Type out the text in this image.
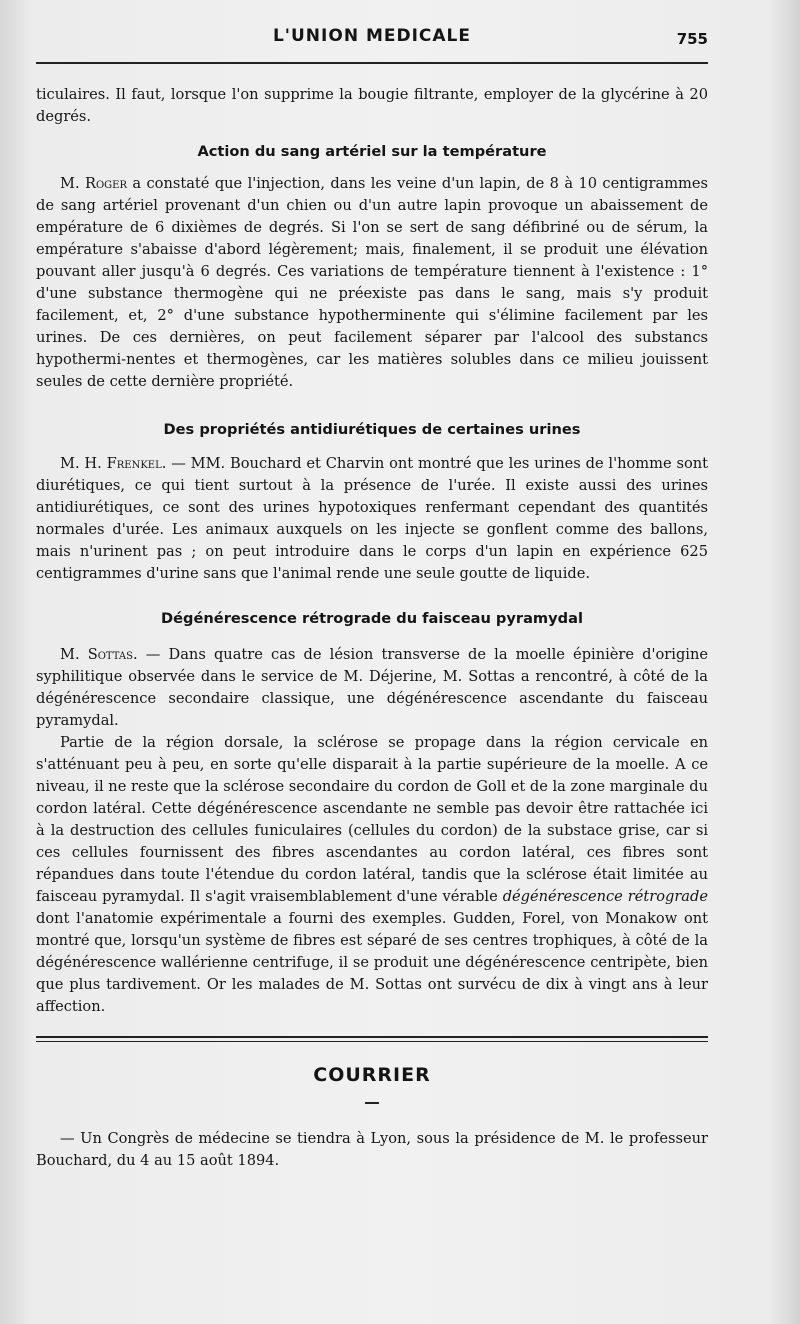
L'UNION MEDICALE	755

ticulaires. Il faut, lorsque l'on supprime la bougie filtrante, employer de la glycérine à 20 degrés.

Action du sang artériel sur la température

M. Roger a constaté que l'injection, dans les veine d'un lapin, de 8 à 10 centigrammes de sang artériel provenant d'un chien ou d'un autre lapin provoque un abaissement de empérature de 6 dixièmes de degrés. Si l'on se sert de sang défibriné ou de sérum, la empérature s'abaisse d'abord légèrement; mais, finalement, il se produit une élévation pouvant aller jusqu'à 6 degrés. Ces variations de température tiennent à l'existence : 1° d'une substance thermogène qui ne préexiste pas dans le sang, mais s'y produit facilement, et, 2° d'une substance hypotherminente qui s'élimine facilement par les urines. De ces dernières, on peut facilement séparer par l'alcool des substancs hypothermi-nentes et thermogènes, car les matières solubles dans ce milieu jouissent seules de cette dernière propriété.

Des propriétés antidiurétiques de certaines urines

M. H. Frenkel. — MM. Bouchard et Charvin ont montré que les urines de l'homme sont diurétiques, ce qui tient surtout à la présence de l'urée. Il existe aussi des urines antidiurétiques, ce sont des urines hypotoxiques renfermant cependant des quantités normales d'urée. Les animaux auxquels on les injecte se gonflent comme des ballons, mais n'urinent pas ; on peut introduire dans le corps d'un lapin en expérience 625 centigrammes d'urine sans que l'animal rende une seule goutte de liquide.

Dégénérescence rétrograde du faisceau pyramydal

M. Sottas. — Dans quatre cas de lésion transverse de la moelle épinière d'origine syphilitique observée dans le service de M. Déjerine, M. Sottas a rencontré, à côté de la dégénérescence secondaire classique, une dégénérescence ascendante du faisceau pyramydal.

Partie de la région dorsale, la sclérose se propage dans la région cervicale en s'atténuant peu à peu, en sorte qu'elle disparait à la partie supérieure de la moelle. A ce niveau, il ne reste que la sclérose secondaire du cordon de Goll et de la zone marginale du cordon latéral. Cette dégénérescence ascendante ne semble pas devoir être rattachée ici à la destruction des cellules funiculaires (cellules du cordon) de la substace grise, car si ces cellules fournissent des fibres ascendantes au cordon latéral, ces fibres sont répandues dans toute l'étendue du cordon latéral, tandis que la sclérose était limitée au faisceau pyramydal. Il s'agit vraisemblablement d'une vérable dégénérescence rétrograde dont l'anatomie expérimentale a fourni des exemples. Gudden, Forel, von Monakow ont montré que, lorsqu'un système de fibres est séparé de ses centres trophiques, à côté de la dégénérescence wallérienne centrifuge, il se produit une dégénérescence centripète, bien que plus tardivement. Or les malades de M. Sottas ont survécu de dix à vingt ans à leur affection.

COURRIER

— Un Congrès de médecine se tiendra à Lyon, sous la présidence de M. le professeur Bouchard, du 4 au 15 août 1894.
